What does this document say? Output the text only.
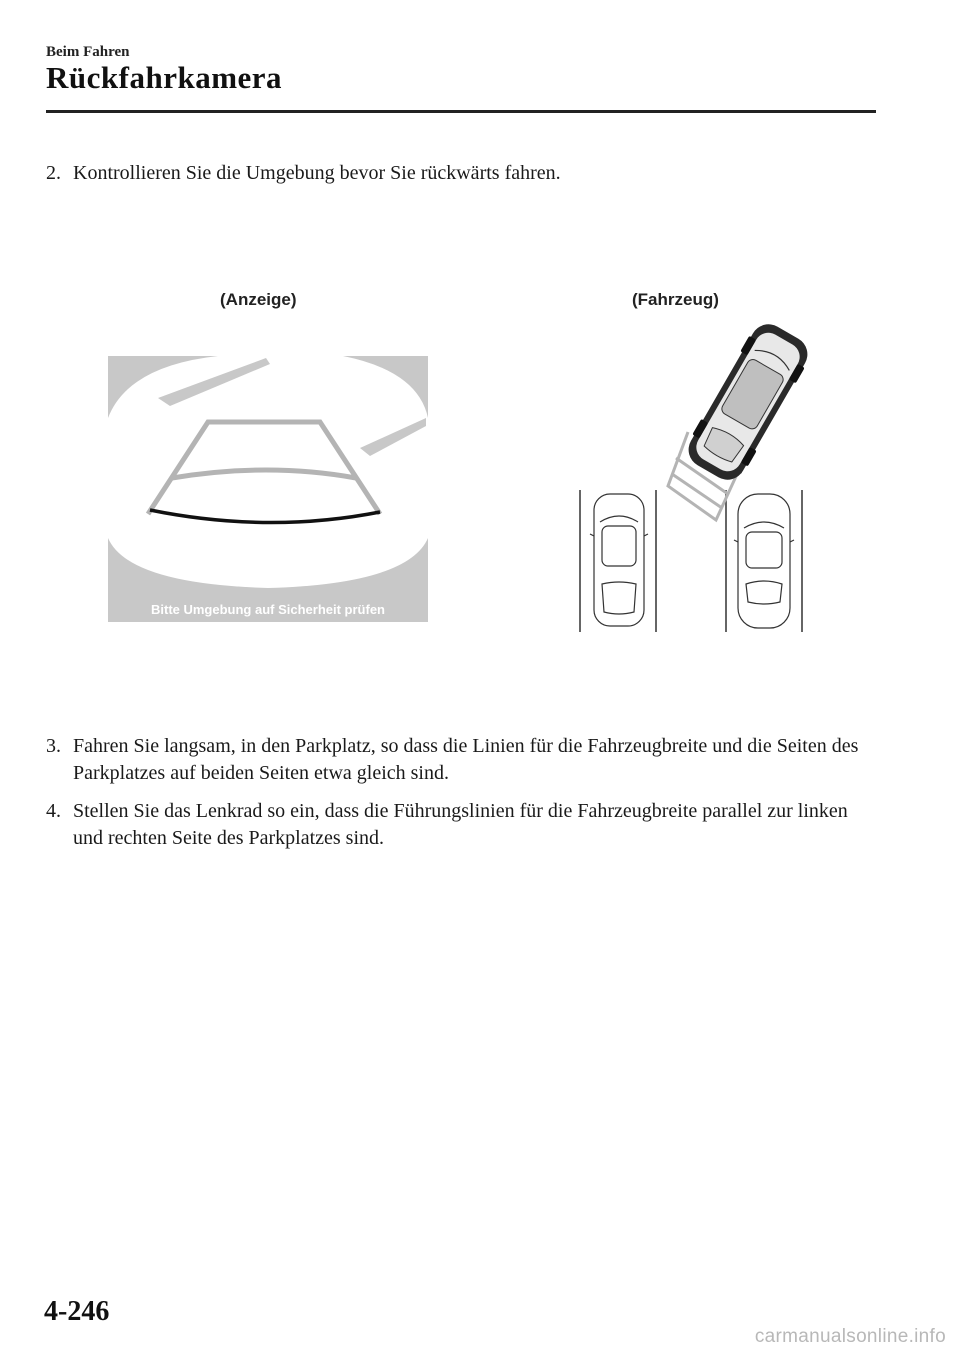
Beim Fahren
Rückfahrkamera
2. Kontrollieren Sie die Umgebung bevor Sie rückwärts fahren.
(Anzeige)	(Fahrzeug)
Bitte Umgebung auf Sicherheit prüfen
3. Fahren Sie langsam, in den Parkplatz, so dass die Linien für die Fahrzeugbreite und die Seiten des Parkplatzes auf beiden Seiten etwa gleich sind.
4. Stellen Sie das Lenkrad so ein, dass die Führungslinien für die Fahrzeugbreite parallel zur linken und rechten Seite des Parkplatzes sind.
4-246
carmanualsonline.info
